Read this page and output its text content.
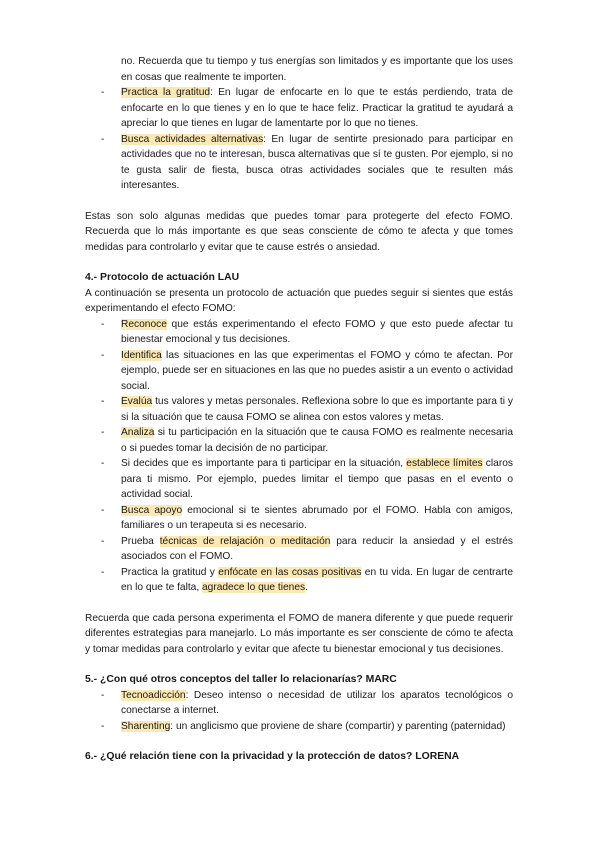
no. Recuerda que tu tiempo y tus energías son limitados y es importante que los uses en cosas que realmente te importen.
- Practica la gratitud: En lugar de enfocarte en lo que te estás perdiendo, trata de enfocarte en lo que tienes y en lo que te hace feliz. Practicar la gratitud te ayudará a apreciar lo que tienes en lugar de lamentarte por lo que no tienes.
- Busca actividades alternativas: En lugar de sentirte presionado para participar en actividades que no te interesan, busca alternativas que sí te gusten. Por ejemplo, si no te gusta salir de fiesta, busca otras actividades sociales que te resulten más interesantes.

Estas son solo algunas medidas que puedes tomar para protegerte del efecto FOMO. Recuerda que lo más importante es que seas consciente de cómo te afecta y que tomes medidas para controlarlo y evitar que te cause estrés o ansiedad.

4.- Protocolo de actuación LAU

A continuación se presenta un protocolo de actuación que puedes seguir si sientes que estás experimentando el efecto FOMO:

- Reconoce que estás experimentando el efecto FOMO y que esto puede afectar tu bienestar emocional y tus decisiones.
- Identifica las situaciones en las que experimentas el FOMO y cómo te afectan. Por ejemplo, puede ser en situaciones en las que no puedes asistir a un evento o actividad social.
- Evalúa tus valores y metas personales. Reflexiona sobre lo que es importante para ti y si la situación que te causa FOMO se alinea con estos valores y metas.
- Analiza si tu participación en la situación que te causa FOMO es realmente necesaria o si puedes tomar la decisión de no participar.
- Si decides que es importante para ti participar en la situación, establece límites claros para ti mismo. Por ejemplo, puedes limitar el tiempo que pasas en el evento o actividad social.
- Busca apoyo emocional si te sientes abrumado por el FOMO. Habla con amigos, familiares o un terapeuta si es necesario.
- Prueba técnicas de relajación o meditación para reducir la ansiedad y el estrés asociados con el FOMO.
- Practica la gratitud y enfócate en las cosas positivas en tu vida. En lugar de centrarte en lo que te falta, agradece lo que tienes.

Recuerda que cada persona experimenta el FOMO de manera diferente y que puede requerir diferentes estrategias para manejarlo. Lo más importante es ser consciente de cómo te afecta y tomar medidas para controlarlo y evitar que afecte tu bienestar emocional y tus decisiones.

5.- ¿Con qué otros conceptos del taller lo relacionarías? MARC
- Tecnoadicción: Deseo intenso o necesidad de utilizar los aparatos tecnológicos o conectarse a internet.
- Sharenting: un anglicismo que proviene de share (compartir) y parenting (paternidad)
6.- ¿Qué relación tiene con la privacidad y la protección de datos? LORENA
